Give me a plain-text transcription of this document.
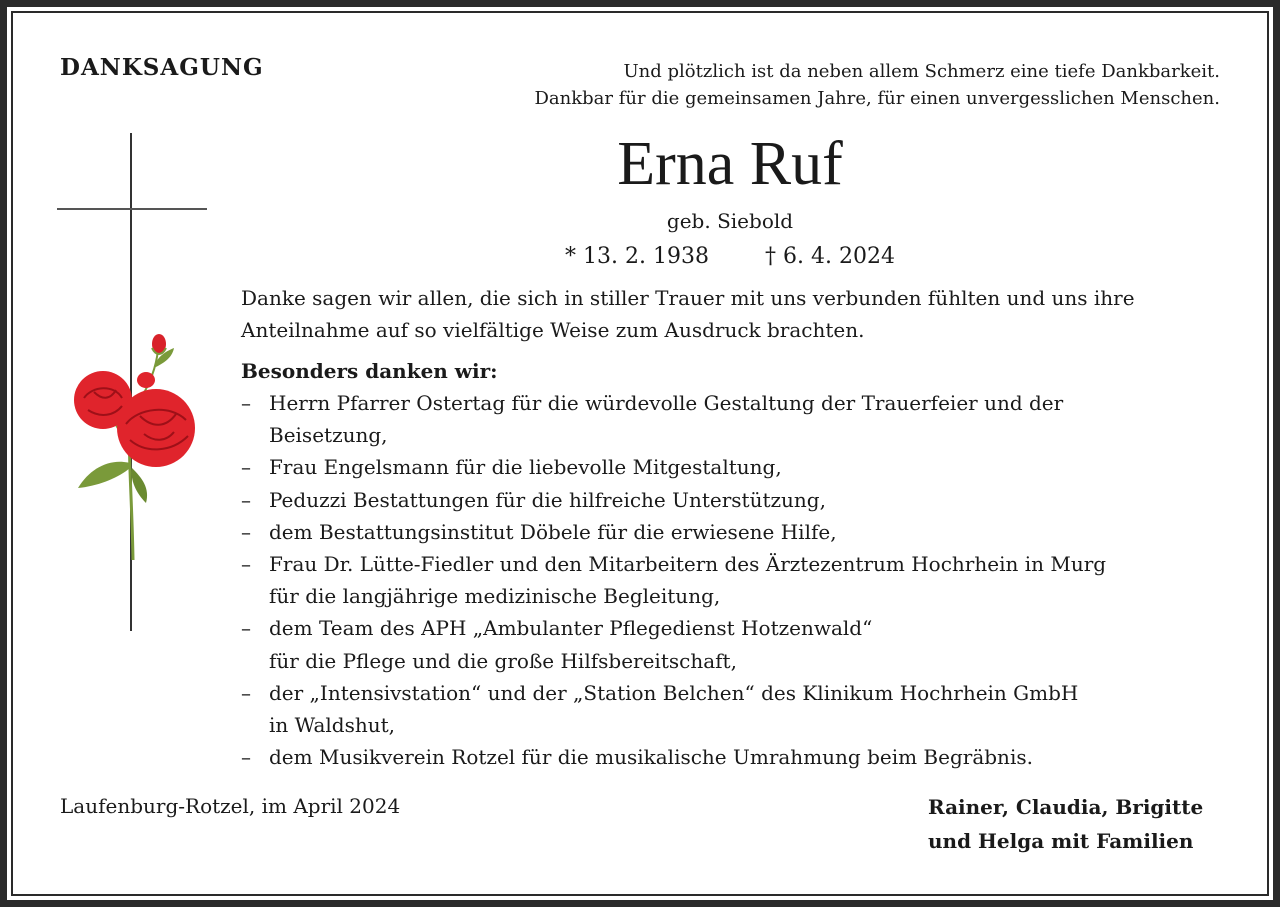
DANKSAGUNG	Und plötzlich ist da neben allem Schmerz eine tiefe Dankbarkeit.
Dankbar für die gemeinsamen Jahre, für einen unvergesslichen Menschen.
Erna Ruf
geb. Siebold
* 13. 2. 1938	† 6. 4. 2024
Danke sagen wir allen, die sich in stiller Trauer mit uns verbunden fühlten und uns ihre
Anteilnahme auf so vielfältige Weise zum Ausdruck brachten.
Besonders danken wir:
– Herrn Pfarrer Ostertag für die würdevolle Gestaltung der Trauerfeier und der
Beisetzung,
– Frau Engelsmann für die liebevolle Mitgestaltung,
– Peduzzi Bestattungen für die hilfreiche Unterstützung,
– dem Bestattungsinstitut Döbele für die erwiesene Hilfe,
– Frau Dr. Lütte-Fiedler und den Mitarbeitern des Ärztezentrum Hochrhein in Murg
für die langjährige medizinische Begleitung,
– dem Team des APH „Ambulanter Pflegedienst Hotzenwald“
für die Pflege und die große Hilfsbereitschaft,
– der „Intensivstation“ und der „Station Belchen“ des Klinikum Hochrhein GmbH
in Waldshut,
– dem Musikverein Rotzel für die musikalische Umrahmung beim Begräbnis.
Laufenburg-Rotzel, im April 2024	Rainer, Claudia, Brigitte
und Helga mit Familien
